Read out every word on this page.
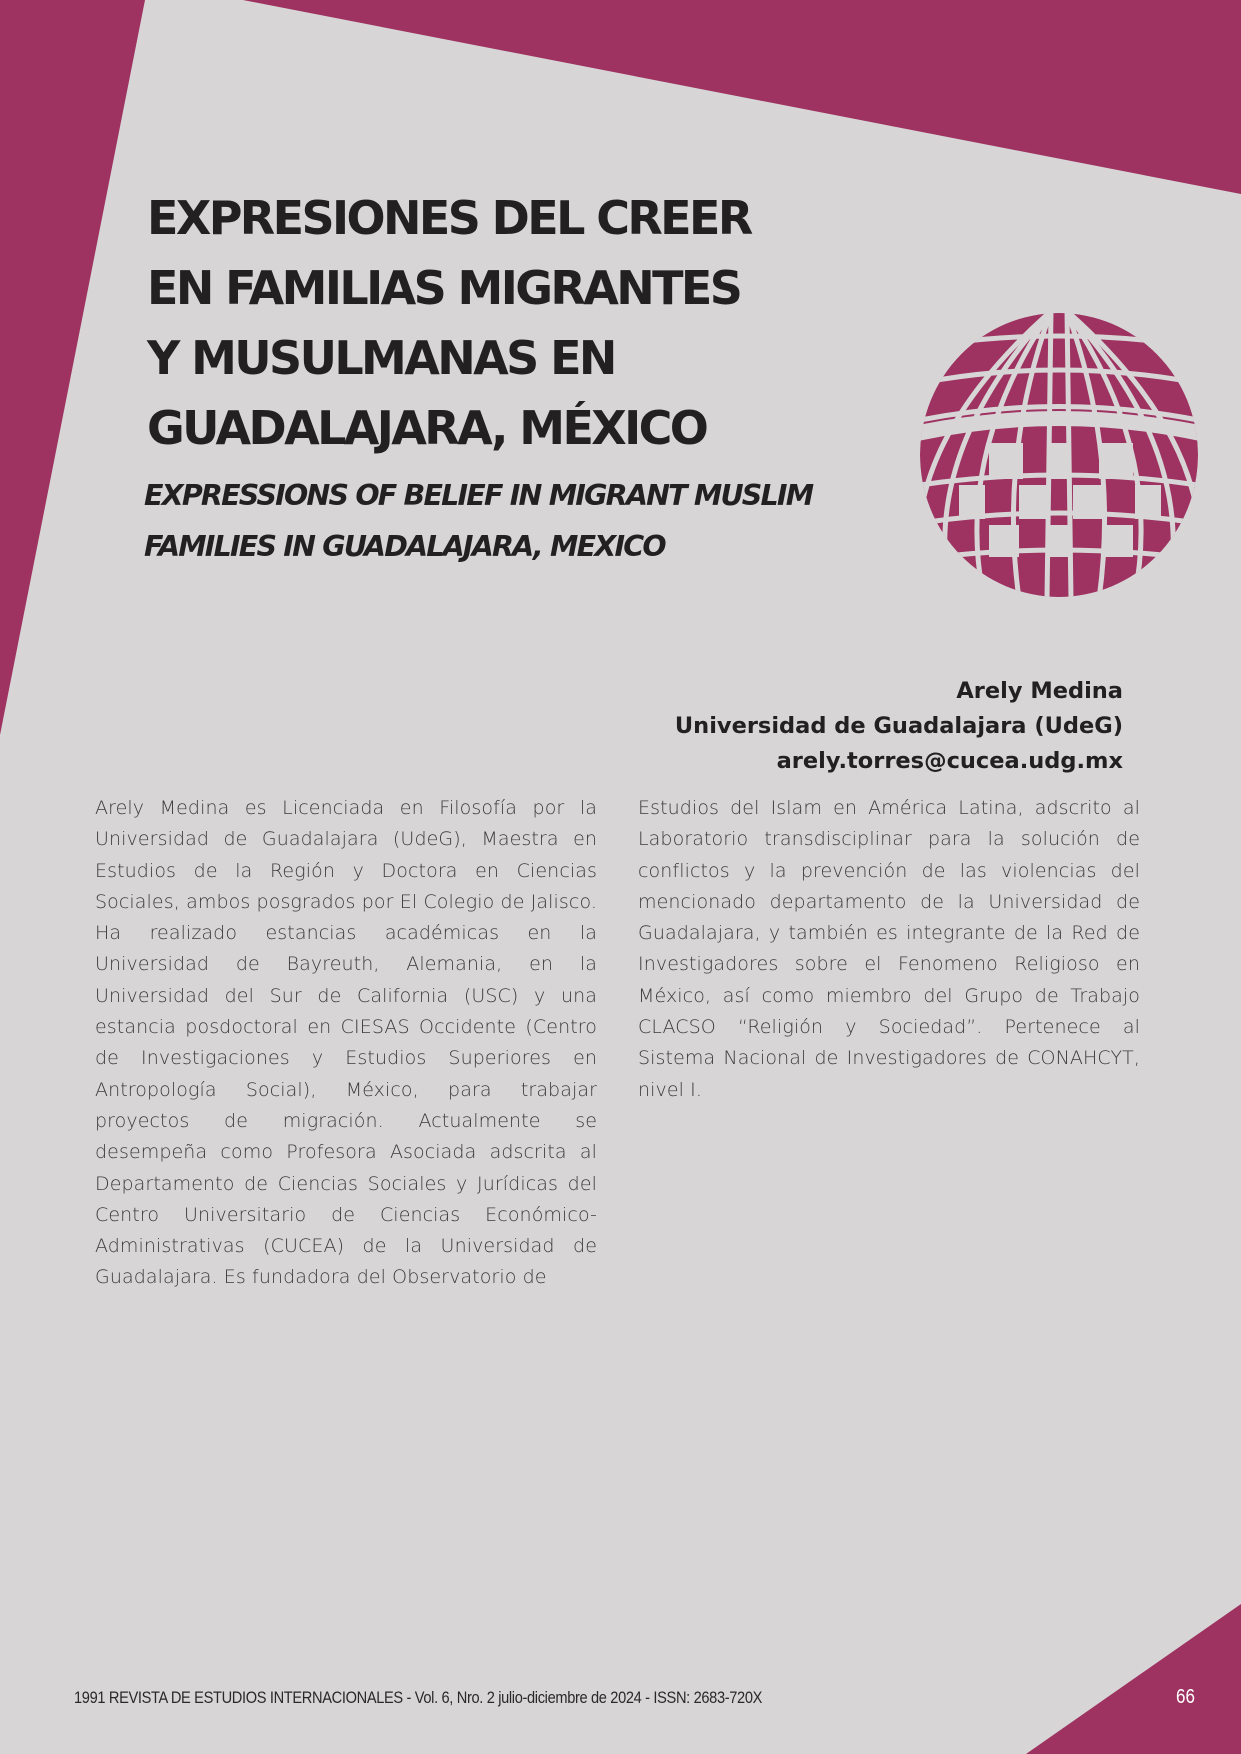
EXPRESIONES DEL CREER
EN FAMILIAS MIGRANTES
Y MUSULMANAS EN
GUADALAJARA, MÉXICO
EXPRESSIONS OF BELIEF IN MIGRANT MUSLIM
FAMILIES IN GUADALAJARA, MEXICO
Arely Medina
Universidad de Guadalajara (UdeG)
arely.torres@cucea.udg.mx

Arely Medina es Licenciada en Filosofía por la Universidad de Guadalajara (UdeG), Maestra en Estudios de la Región y Doctora en Ciencias Sociales, ambos posgrados por El Colegio de Jalisco. Ha realizado estancias académicas en la Universidad de Bayreuth, Alemania, en la Universidad del Sur de California (USC) y una estancia posdoctoral en CIESAS Occidente (Centro de Investigaciones y Estudios Superiores en Antropología Social), México, para trabajar proyectos de migración. Actualmente se desempeña como Profesora Asociada adscrita al Departamento de Ciencias Sociales y Jurídicas del Centro Universitario de Ciencias Económico-Administrativas (CUCEA) de la Universidad de Guadalajara. Es fundadora del Observatorio de

Estudios del Islam en América Latina, adscrito al Laboratorio transdisciplinar para la solución de conflictos y la prevención de las violencias del mencionado departamento de la Universidad de Guadalajara, y también es integrante de la Red de Investigadores sobre el Fenomeno Religioso en México, así como miembro del Grupo de Trabajo CLACSO “Religión y Sociedad”. Pertenece al Sistema Nacional de Investigadores de CONAHCYT, nivel I.

1991 REVISTA DE ESTUDIOS INTERNACIONALES - Vol. 6, Nro. 2 julio-diciembre de 2024 - ISSN: 2683-720X	66
